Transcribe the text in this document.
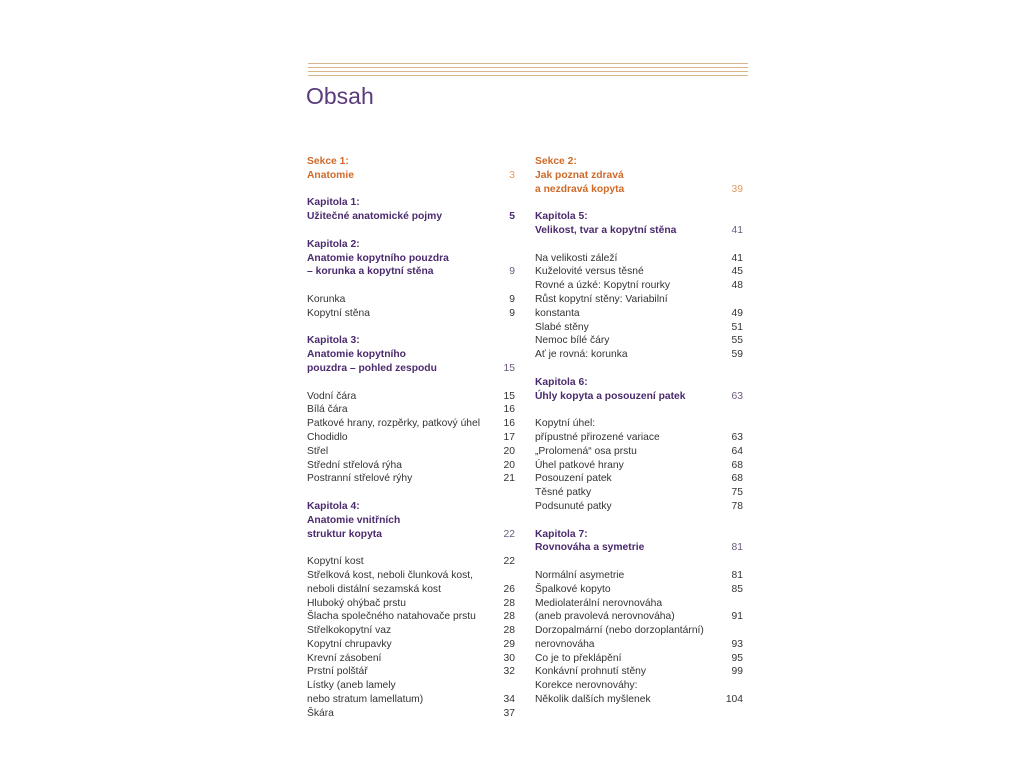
Obsah
Sekce 1:
Anatomie	3
Kapitola 1:
Užitečné anatomické pojmy	5
Kapitola 2:
Anatomie kopytního pouzdra
– korunka a kopytní stěna	9
Korunka	9
Kopytní stěna	9
Kapitola 3:
Anatomie kopytního
pouzdra – pohled zespodu	15
Vodní čára	15
Bílá čára	16
Patkové hrany, rozpěrky, patkový úhel	16
Chodidlo	17
Střel	20
Střední střelová rýha	20
Postranní střelové rýhy	21
Kapitola 4:
Anatomie vnitřních
struktur kopyta	22
Kopytní kost	22
Střelková kost, neboli člunková kost,
neboli distální sezamská kost	26
Hluboký ohýbač prstu	28
Šlacha společného natahovače prstu	28
Střelkokopytní vaz	28
Kopytní chrupavky	29
Krevní zásobení	30
Prstní polštář	32
Lístky (aneb lamely
nebo stratum lamellatum)	34
Škára	37
Sekce 2:
Jak poznat zdravá
a nezdravá kopyta	39
Kapitola 5:
Velikost, tvar a kopytní stěna	41
Na velikosti záleží	41
Kuželovité versus těsné	45
Rovné a úzké: Kopytní rourky	48
Růst kopytní stěny: Variabilní konstanta	49
Slabé stěny	51
Nemoc bílé čáry	55
Ať je rovná: korunka	59
Kapitola 6:
Úhly kopyta a posouzení patek	63
Kopytní úhel:
přípustné přirozené variace	63
„Prolomená“ osa prstu	64
Úhel patkové hrany	68
Posouzení patek	68
Těsné patky	75
Podsunuté patky	78
Kapitola 7:
Rovnováha a symetrie	81
Normální asymetrie	81
Špalkové kopyto	85
Mediolaterální nerovnováha
(aneb pravolevá nerovnováha)	91
Dorzopalmární (nebo dorzoplantární)
nerovnováha	93
Co je to překlápění	95
Konkávní prohnutí stěny	99
Korekce nerovnováhy:
Několik dalších myšlenek	104
